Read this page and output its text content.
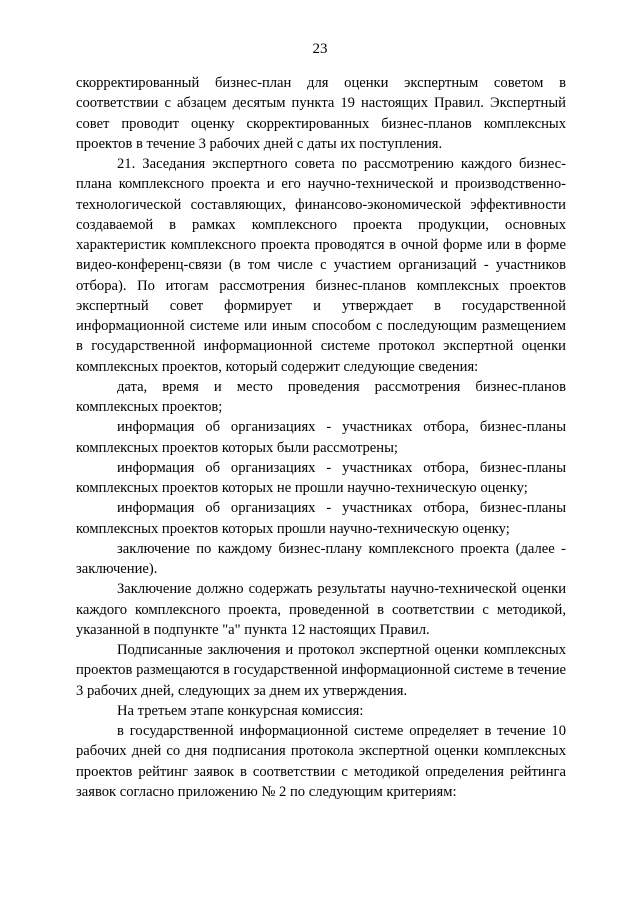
23

скорректированный бизнес-план для оценки экспертным советом в соответствии с абзацем десятым пункта 19 настоящих Правил. Экспертный совет проводит оценку скорректированных бизнес-планов комплексных проектов в течение 3 рабочих дней с даты их поступления.

21. Заседания экспертного совета по рассмотрению каждого бизнес-плана комплексного проекта и его научно-технической и производственно-технологической составляющих, финансово-экономической эффективности создаваемой в рамках комплексного проекта продукции, основных характеристик комплексного проекта проводятся в очной форме или в форме видео-конференц-связи (в том числе с участием организаций - участников отбора). По итогам рассмотрения бизнес-планов комплексных проектов экспертный совет формирует и утверждает в государственной информационной системе или иным способом с последующим размещением в государственной информационной системе протокол экспертной оценки комплексных проектов, который содержит следующие сведения:

дата, время и место проведения рассмотрения бизнес-планов комплексных проектов;

информация об организациях - участниках отбора, бизнес-планы комплексных проектов которых были рассмотрены;

информация об организациях - участниках отбора, бизнес-планы комплексных проектов которых не прошли научно-техническую оценку;

информация об организациях - участниках отбора, бизнес-планы комплексных проектов которых прошли научно-техническую оценку;

заключение по каждому бизнес-плану комплексного проекта (далее - заключение).

Заключение должно содержать результаты научно-технической оценки каждого комплексного проекта, проведенной в соответствии с методикой, указанной в подпункте "а" пункта 12 настоящих Правил.

Подписанные заключения и протокол экспертной оценки комплексных проектов размещаются в государственной информационной системе в течение 3 рабочих дней, следующих за днем их утверждения.

На третьем этапе конкурсная комиссия:

в государственной информационной системе определяет в течение 10 рабочих дней со дня подписания протокола экспертной оценки комплексных проектов рейтинг заявок в соответствии с методикой определения рейтинга заявок согласно приложению № 2 по следующим критериям:
